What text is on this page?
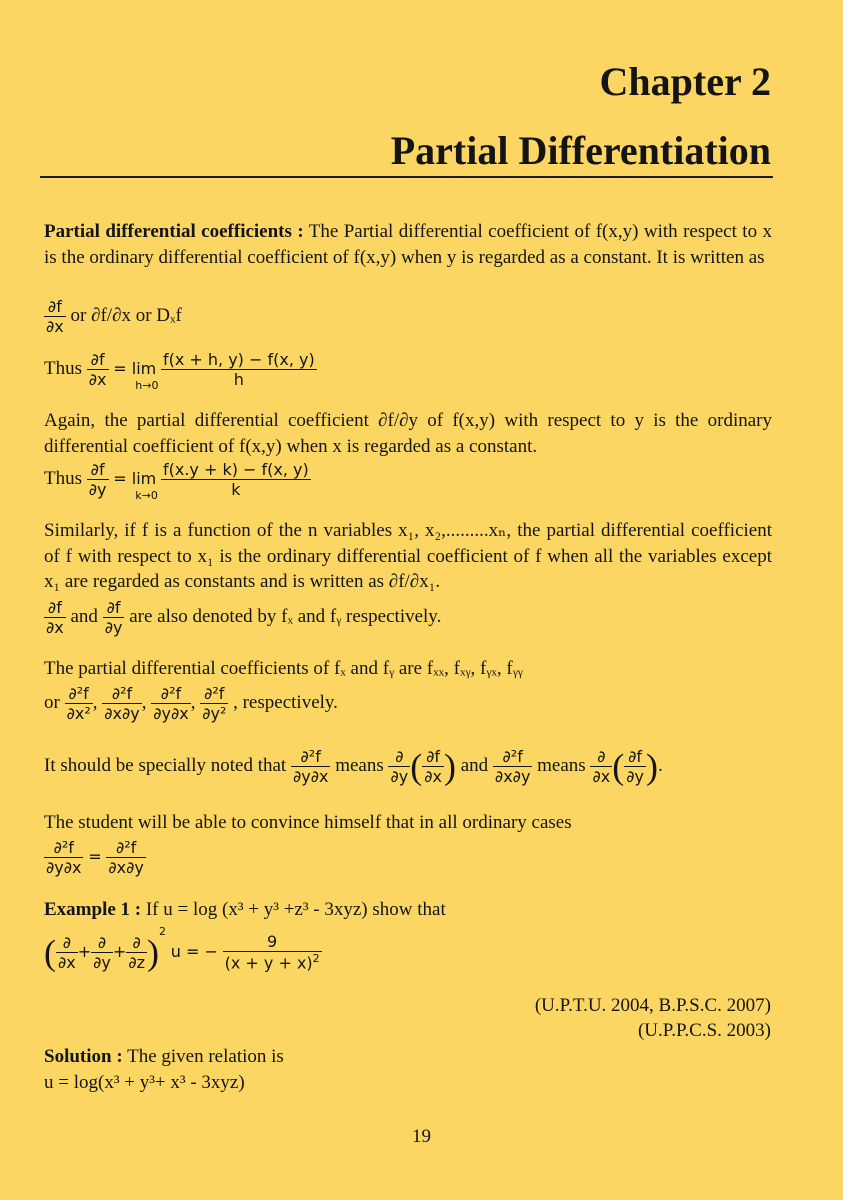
Chapter 2
Partial Differentiation
Partial differential coefficients : The Partial differential coefficient of f(x,y) with respect to x is the ordinary differential coefficient of f(x,y) when y is regarded as a constant. It is written as
$\frac{\partial f}{\partial x}$ or ∂f/∂x or Dₓf
Thus $\frac{\partial f}{\partial x} = \lim$
h→0
$\frac{f(x + h, y) - f(x, y)}{h}$
Again, the partial differential coefficient ∂f/∂y of f(x,y) with respect to y is the ordinary differential coefficient of f(x,y) when x is regarded as a constant.
Thus $\frac{\partial f}{\partial y} = \lim$
k→0
$\frac{f(x.y + k) - f(x, y)}{k}$
Similarly, if f is a function of the n variables x₁, x₂,.........xₙ, the partial differential coefficient of f with respect to x₁ is the ordinary differential coefficient of f when all the variables except x₁ are regarded as constants and is written as ∂f/∂x₁.
$\frac{\partial f}{\partial x}$ and $\frac{\partial f}{\partial y}$ are also denoted by fₓ and fᵧ respectively.
The partial differential coefficients of fₓ and fᵧ are fₓₓ, fₓᵧ, fᵧₓ, fᵧᵧ
or $\frac{\text{∂²f}}{\text{∂x²}}$ , $\frac{\text{∂²f}}{\partial x\partial y}$ , $\frac{\text{∂²f}}{\partial y\partial x}$ , $\frac{\text{∂²f}}{\text{∂y²}}$ , respectively.
It should be specially noted that $\frac{\text{∂²f}}{\partial y\partial x}$ means $\frac{\partial}{\partial y}$ ( $\frac{\partial f}{\partial x}$ ) and $\frac{\text{∂²f}}{\partial x\partial y}$ means $\frac{\partial}{\partial x}$ ( $\frac{\partial f}{\partial y}$ ).
The student will be able to convince himself that in all ordinary cases
$\frac{\text{∂²f}}{\partial y\partial x} = \frac{\text{∂²f}}{\partial x\partial y}$
Example 1 : If u = log (x³ + y³ +z³ - 3xyz) show that
( $\frac{\partial}{\partial x} + \frac{\partial}{\partial y} + \frac{\partial}{\partial z} )^2$ u = − $\frac{9}{(x + y + x)^2}$
(U.P.T.U. 2004, B.P.S.C. 2007)
(U.P.P.C.S. 2003)
Solution : The given relation is
u = log(x³ + y³+ x³ - 3xyz)
19
